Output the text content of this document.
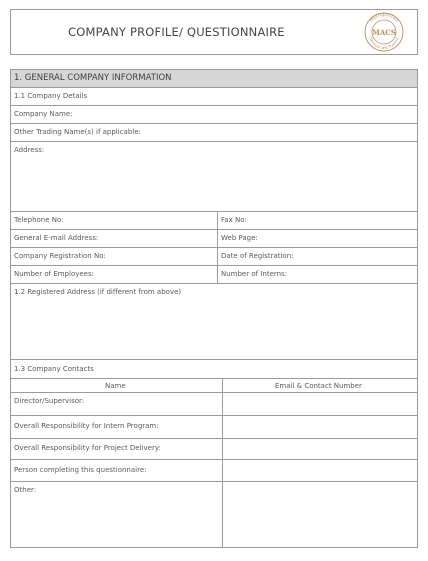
COMPANY PROFILE/ QUESTIONNAIRE
Metropolitan
Services and Training
MACS
1. GENERAL COMPANY INFORMATION
1.1 Company Details
Company Name:
Other Trading Name(s) if applicable:
Address:
Telephone No:	Fax No:
General E-mail Address:	Web Page:
Company Registration No:	Date of Registration:
Number of Employees:	Number of Interns:
1.2 Registered Address (if different from above)
1.3 Company Contacts
Name	Email & Contact Number
Director/Supervisor:
Overall Responsibility for Intern Program:
Overall Responsibility for Project Delivery:
Person completing this questionnaire:
Other:
